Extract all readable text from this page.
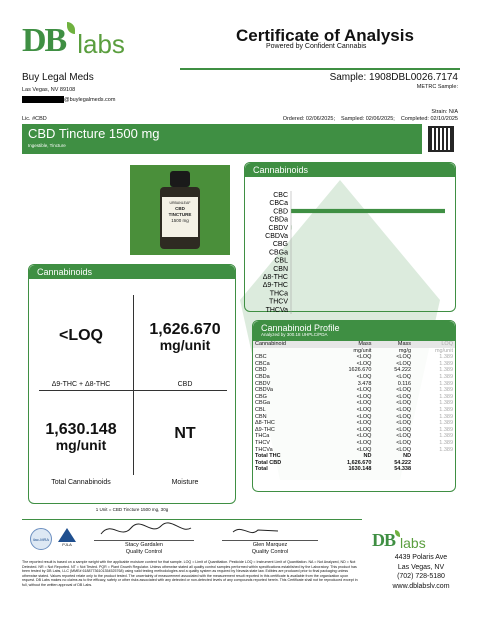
DB labs	Certificate of Analysis
Powered by Confident Cannabis
Buy Legal Meds
Las Vegas, NV 89108
@buylegalmeds.com
Lic. #CBD
Sample: 1908DBL0026.7174
METRC Sample:
Strain: N/A
Ordered: 02/06/2025; Sampled: 02/06/2025; Completed: 02/10/2025
CBD Tincture 1500 mg
Ingestible, Tincture
URBANLEAF
CBD
TINCTURE
1500 mg
Cannabinoids
CBC
CBCa
CBD
CBDa
CBDV
CBDVa
CBG
CBGa
CBL
CBN
Δ8-THC
Δ9-THC
THCa
THCV
THCVa
Cannabinoids
<LOQ
Δ9-THC + Δ8-THC
1,626.670
mg/unit
CBD
1,630.148
mg/unit
Total Cannabinoids
NT
Moisture
1 Unit = CBD Tincture 1500 mg, 30g
Cannabinoid Profile
Analyzed by 300.18 UHPLC/PDA
Cannabinoid	Mass	Mass	LOQ
	mg/unit	mg/g	mg/unit
CBC	<LOQ	<LOQ	1.389
CBCa	<LOQ	<LOQ	1.389
CBD	1626.670	54.222	1.389
CBDa	<LOQ	<LOQ	1.389
CBDV	3.478	0.116	1.389
CBDVa	<LOQ	<LOQ	1.389
CBG	<LOQ	<LOQ	1.389
CBGa	<LOQ	<LOQ	1.389
CBL	<LOQ	<LOQ	1.389
CBN	<LOQ	<LOQ	1.389
Δ8-THC	<LOQ	<LOQ	1.389
Δ9-THC	<LOQ	<LOQ	1.389
THCa	<LOQ	<LOQ	1.389
THCV	<LOQ	<LOQ	1.389
THCVa	<LOQ	<LOQ	1.389
Total THC	ND	ND	
Total CBD	1,626.670	54.222	
Total	1630.148	54.338	
Stacy Gardalen
Quality Control
Glen Marquez
Quality Control
ilac-MRA
PJLA
The reported result is based on a sample weight with the applicable moisture content for that sample. LOQ = Limit of Quantitation. Pesticide LOQ = Instrument Limit of Quantitation. NA = Not Analyzed, ND = Not Detected. NR = Not Reported. NT = Not Tested. PQR = Plant Growth Regulator. Unless otherwise stated all quality control samples performed within specifications established by the Laboratory. This product has been tested by DB Labs, LLC (MME# 61887736101354525768) using valid testing methodologies and a quality system as required by Nevada state law. Edibles are produced prior to final packaging unless otherwise stated. Values reported relate only to the product tested. The uncertainty of measurement associated with the measurement result reported in this certificate is available from the organization upon request. DB Labs makes no claims as to the efficacy, safety or other risks associated with any detected or non-detected levels of any compounds reported herein. This Certificate shall not be reproduced except in full, without the written approval of DB Labs.
DB labs
4439 Polaris Ave
Las Vegas, NV
(702) 728-5180
www.dblabslv.com
